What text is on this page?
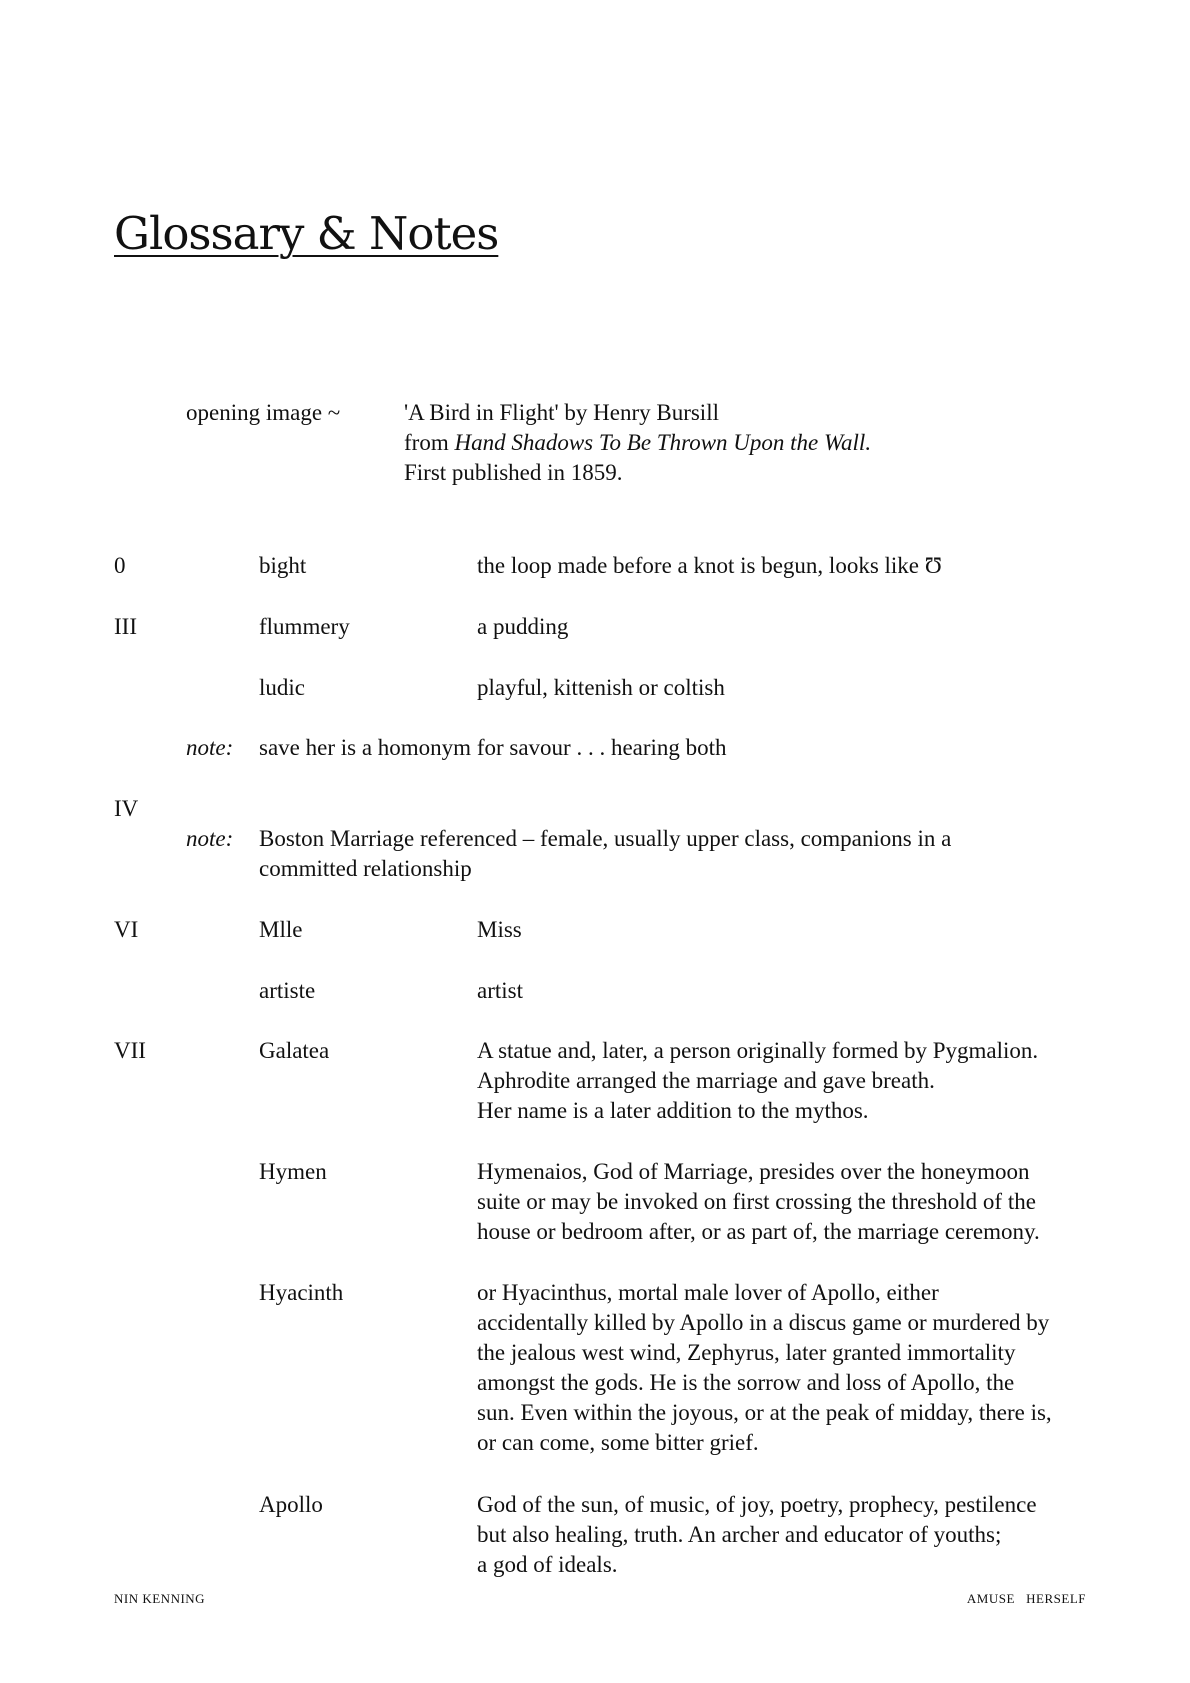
Glossary & Notes
opening image ~	'A Bird in Flight' by Henry Bursill
from Hand Shadows To Be Thrown Upon the Wall.
First published in 1859.
0	bight	the loop made before a knot is begun, looks like Ʊ
III	flummery	a pudding
ludic	playful, kittenish or coltish
note: save her is a homonym for savour . . . hearing both
IV
note: Boston Marriage referenced – female, usually upper class, companions in a
committed relationship
VI	Mlle	Miss
artiste	artist
VII	Galatea	A statue and, later, a person originally formed by Pygmalion.
Aphrodite arranged the marriage and gave breath.
Her name is a later addition to the mythos.
Hymen	Hymenaios, God of Marriage, presides over the honeymoon
suite or may be invoked on first crossing the threshold of the
house or bedroom after, or as part of, the marriage ceremony.
Hyacinth	or Hyacinthus, mortal male lover of Apollo, either
accidentally killed by Apollo in a discus game or murdered by
the jealous west wind, Zephyrus, later granted immortality
amongst the gods. He is the sorrow and loss of Apollo, the
sun. Even within the joyous, or at the peak of midday, there is,
or can come, some bitter grief.
Apollo	God of the sun, of music, of joy, poetry, prophecy, pestilence
but also healing, truth. An archer and educator of youths;
a god of ideals.
NIN KENNING	AMUSE   HERSELF
